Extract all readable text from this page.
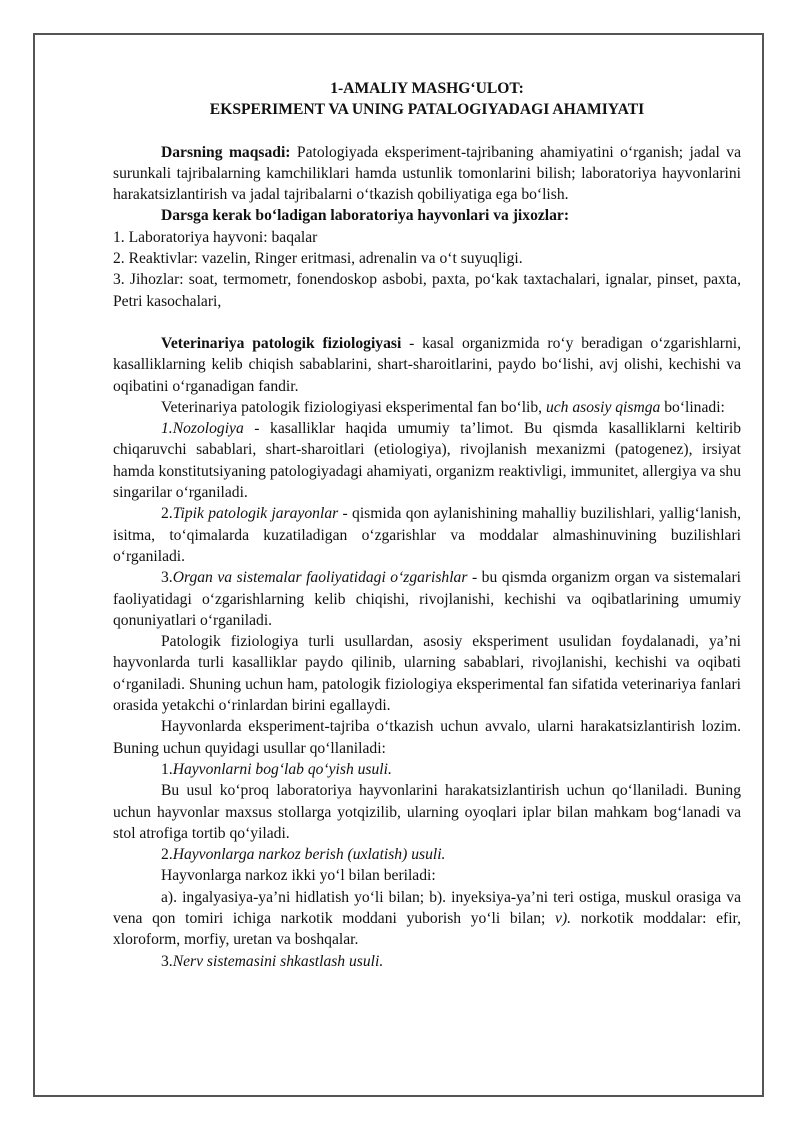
1-AMALIY MASHG‘ULOT:
EKSPERIMENT VA UNING PATALOGIYADAGI AHAMIYATI

Darsning maqsadi: Patologiyada eksperiment-tajribaning ahamiyatini o‘rganish; jadal va surunkali tajribalarning kamchiliklari hamda ustunlik tomonlarini bilish; laboratoriya hayvonlarini harakatsizlantirish va jadal tajribalarni o‘tkazish qobiliyatiga ega bo‘lish.

Darsga kerak bo‘ladigan laboratoriya hayvonlari va jixozlar:

1. Laboratoriya hayvoni: baqalar

2. Reaktivlar: vazelin, Ringer eritmasi, adrenalin va o‘t suyuqligi.

3. Jihozlar: soat, termometr, fonendoskop asbobi, paxta, po‘kak taxtachalari, ignalar, pinset, paxta, Petri kasochalari,

Veterinariya patologik fiziologiyasi - kasal organizmida ro‘y beradigan o‘zgarishlarni, kasalliklarning kelib chiqish sabablarini, shart-sharoitlarini, paydo bo‘lishi, avj olishi, kechishi va oqibatini o‘rganadigan fandir.

Veterinariya patologik fiziologiyasi eksperimental fan bo‘lib, uch asosiy qismga bo‘linadi:

1.Nozologiya - kasalliklar haqida umumiy ta’limot. Bu qismda kasalliklarni keltirib chiqaruvchi sabablari, shart-sharoitlari (etiologiya), rivojlanish mexanizmi (patogenez), irsiyat hamda konstitutsiyaning patologiyadagi ahamiyati, organizm reaktivligi, immunitet, allergiya va shu singarilar o‘rganiladi.

2.Tipik patologik jarayonlar - qismida qon aylanishining mahalliy buzilishlari, yallig‘lanish, isitma, to‘qimalarda kuzatiladigan o‘zgarishlar va moddalar almashinuvining buzilishlari o‘rganiladi.

3.Organ va sistemalar faoliyatidagi o‘zgarishlar - bu qismda organizm organ va sistemalari faoliyatidagi o‘zgarishlarning kelib chiqishi, rivojlanishi, kechishi va oqibatlarining umumiy qonuniyatlari o‘rganiladi.

Patologik fiziologiya turli usullardan, asosiy eksperiment usulidan foydalanadi, ya’ni hayvonlarda turli kasalliklar paydo qilinib, ularning sabablari, rivojlanishi, kechishi va oqibati o‘rganiladi. Shuning uchun ham, patologik fiziologiya eksperimental fan sifatida veterinariya fanlari orasida yetakchi o‘rinlardan birini egallaydi.

Hayvonlarda eksperiment-tajriba o‘tkazish uchun avvalo, ularni harakatsizlantirish lozim. Buning uchun quyidagi usullar qo‘llaniladi:

1.Hayvonlarni bog‘lab qo‘yish usuli.

Bu usul ko‘proq laboratoriya hayvonlarini harakatsizlantirish uchun qo‘llaniladi. Buning uchun hayvonlar maxsus stollarga yotqizilib, ularning oyoqlari iplar bilan mahkam bog‘lanadi va stol atrofiga tortib qo‘yiladi.

2.Hayvonlarga narkoz berish (uxlatish) usuli.

Hayvonlarga narkoz ikki yo‘l bilan beriladi:

a). ingalyasiya-ya’ni hidlatish yo‘li bilan; b). inyeksiya-ya’ni teri ostiga, muskul orasiga va vena qon tomiri ichiga narkotik moddani yuborish yo‘li bilan; v). norkotik moddalar: efir, xloroform, morfiy, uretan va boshqalar.

3.Nerv sistemasini shkastlash usuli.
